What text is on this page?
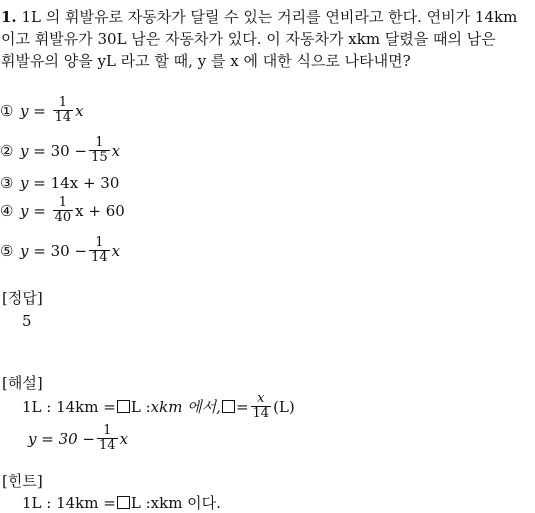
1. 1L 의 휘발유로 자동차가 달릴 수 있는 거리를 연비라고 한다. 연비가 14km
이고 휘발유가 30L 남은 자동차가 있다. 이 자동차가 xkm 달렸을 때의 남은
휘발유의 양을 yL 라고 할 때, y 를 x 에 대한 식으로 나타내면?
① y
=
$\frac{1}{14}$ x
② y
=
$30 - \frac{1}{15}$ x
③ y
=
14x + 30
④ y
=
$\frac{1}{40}$ x + 60
⑤ y
=
$30 - \frac{1}{14}$ x
[정답]
5
[해설]
1L : 14km = L : xkm 에서, = $\frac{x}{14} (L)$
$y = 30 - \frac{1}{14}$ x
[힌트]
1L : 14km = L : xkm 이다.
